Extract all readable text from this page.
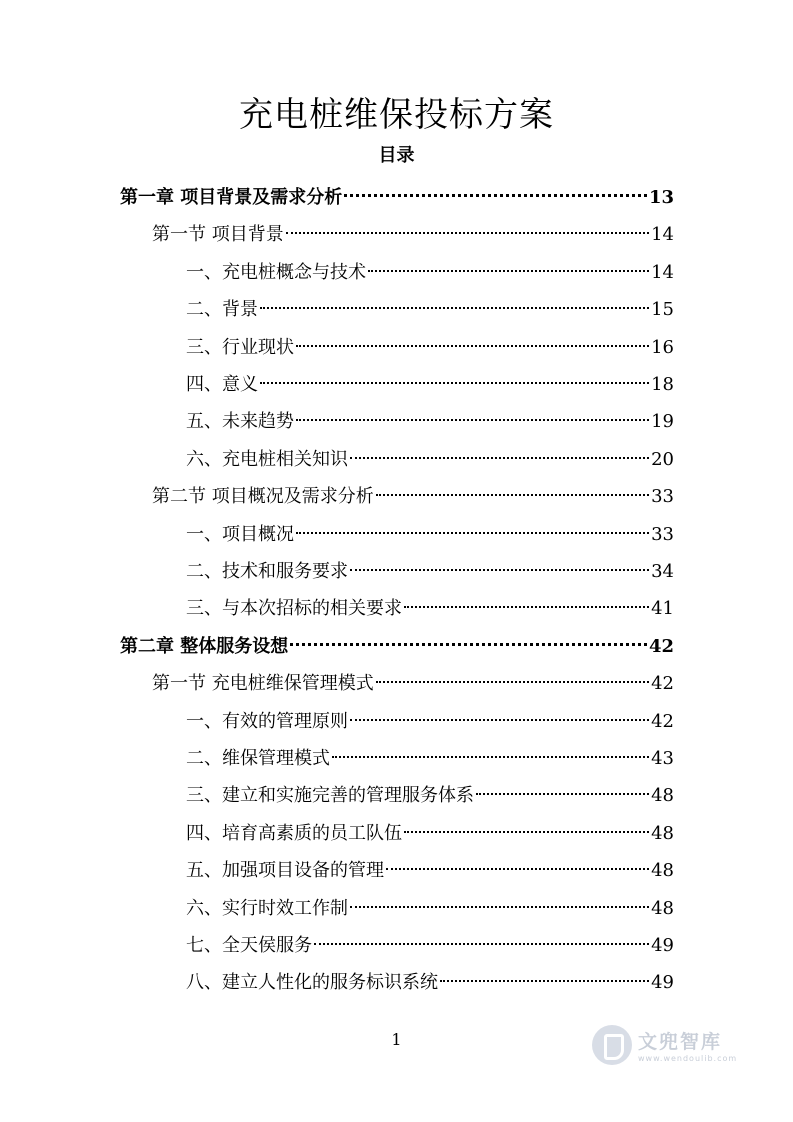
充电桩维保投标方案
目录
第一章 项目背景及需求分析	13
第一节 项目背景	14
一、充电桩概念与技术	14
二、背景	15
三、行业现状	16
四、意义	18
五、未来趋势	19
六、充电桩相关知识	20
第二节 项目概况及需求分析	33
一、项目概况	33
二、技术和服务要求	34
三、与本次招标的相关要求	41
第二章 整体服务设想	42
第一节 充电桩维保管理模式	42
一、有效的管理原则	42
二、维保管理模式	43
三、建立和实施完善的管理服务体系	48
四、培育高素质的员工队伍	48
五、加强项目设备的管理	48
六、实行时效工作制	48
七、全天侯服务	49
八、建立人性化的服务标识系统	49
1	文兜智库
www.wendoulib.com
